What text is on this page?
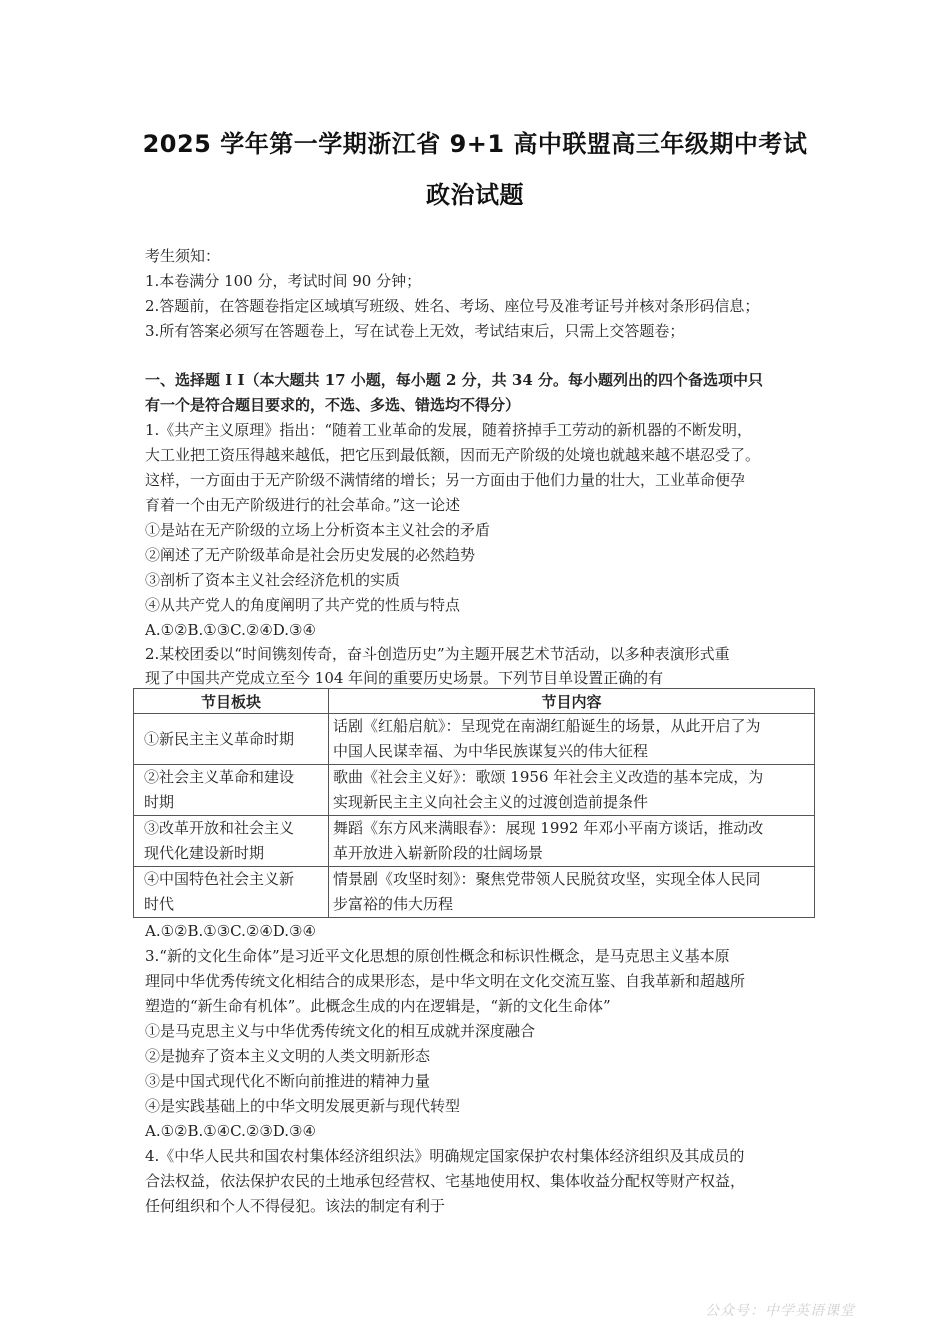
2025 学年第一学期浙江省 9+1 高中联盟高三年级期中考试
政治试题
考生须知：
1.本卷满分 100 分，考试时间 90 分钟；
2.答题前，在答题卷指定区域填写班级、姓名、考场、座位号及准考证号并核对条形码信息；
3.所有答案必须写在答题卷上，写在试卷上无效，考试结束后，只需上交答题卷；
一、选择题 I Ⅰ（本大题共 17 小题，每小题 2 分，共 34 分。每小题列出的四个备选项中只
有一个是符合题目要求的，不选、多选、错选均不得分）
1.《共产主义原理》指出：“随着工业革命的发展，随着挤掉手工劳动的新机器的不断发明，
大工业把工资压得越来越低，把它压到最低额，因而无产阶级的处境也就越来越不堪忍受了。
这样，一方面由于无产阶级不满情绪的增长；另一方面由于他们力量的壮大，工业革命便孕
育着一个由无产阶级进行的社会革命。”这一论述
①是站在无产阶级的立场上分析资本主义社会的矛盾
②阐述了无产阶级革命是社会历史发展的必然趋势
③剖析了资本主义社会经济危机的实质
④从共产党人的角度阐明了共产党的性质与特点
A.①②B.①③C.②④D.③④
2.某校团委以“时间镌刻传奇，奋斗创造历史”为主题开展艺术节活动，以多种表演形式重
现了中国共产党成立至今 104 年间的重要历史场景。下列节目单设置正确的有
节目板块	节目内容
①新民主主义革命时期	话剧《红船启航》：呈现党在南湖红船诞生的场景，从此开启了为
中国人民谋幸福、为中华民族谋复兴的伟大征程
②社会主义革命和建设
时期	歌曲《社会主义好》：歌颂 1956 年社会主义改造的基本完成，为
实现新民主主义向社会主义的过渡创造前提条件
③改革开放和社会主义
现代化建设新时期	舞蹈《东方风来满眼春》：展现 1992 年邓小平南方谈话，推动改
革开放进入崭新阶段的壮阔场景
④中国特色社会主义新
时代	情景剧《攻坚时刻》：聚焦党带领人民脱贫攻坚，实现全体人民同
步富裕的伟大历程
A.①②B.①③C.②④D.③④
3.“新的文化生命体”是习近平文化思想的原创性概念和标识性概念，是马克思主义基本原
理同中华优秀传统文化相结合的成果形态，是中华文明在文化交流互鉴、自我革新和超越所
塑造的“新生命有机体”。此概念生成的内在逻辑是，“新的文化生命体”
①是马克思主义与中华优秀传统文化的相互成就并深度融合
②是抛弃了资本主义文明的人类文明新形态
③是中国式现代化不断向前推进的精神力量
④是实践基础上的中华文明发展更新与现代转型
A.①②B.①④C.②③D.③④
4.《中华人民共和国农村集体经济组织法》明确规定国家保护农村集体经济组织及其成员的
合法权益，依法保护农民的土地承包经营权、宅基地使用权、集体收益分配权等财产权益，
任何组织和个人不得侵犯。该法的制定有利于
公众号：中学英语课堂
